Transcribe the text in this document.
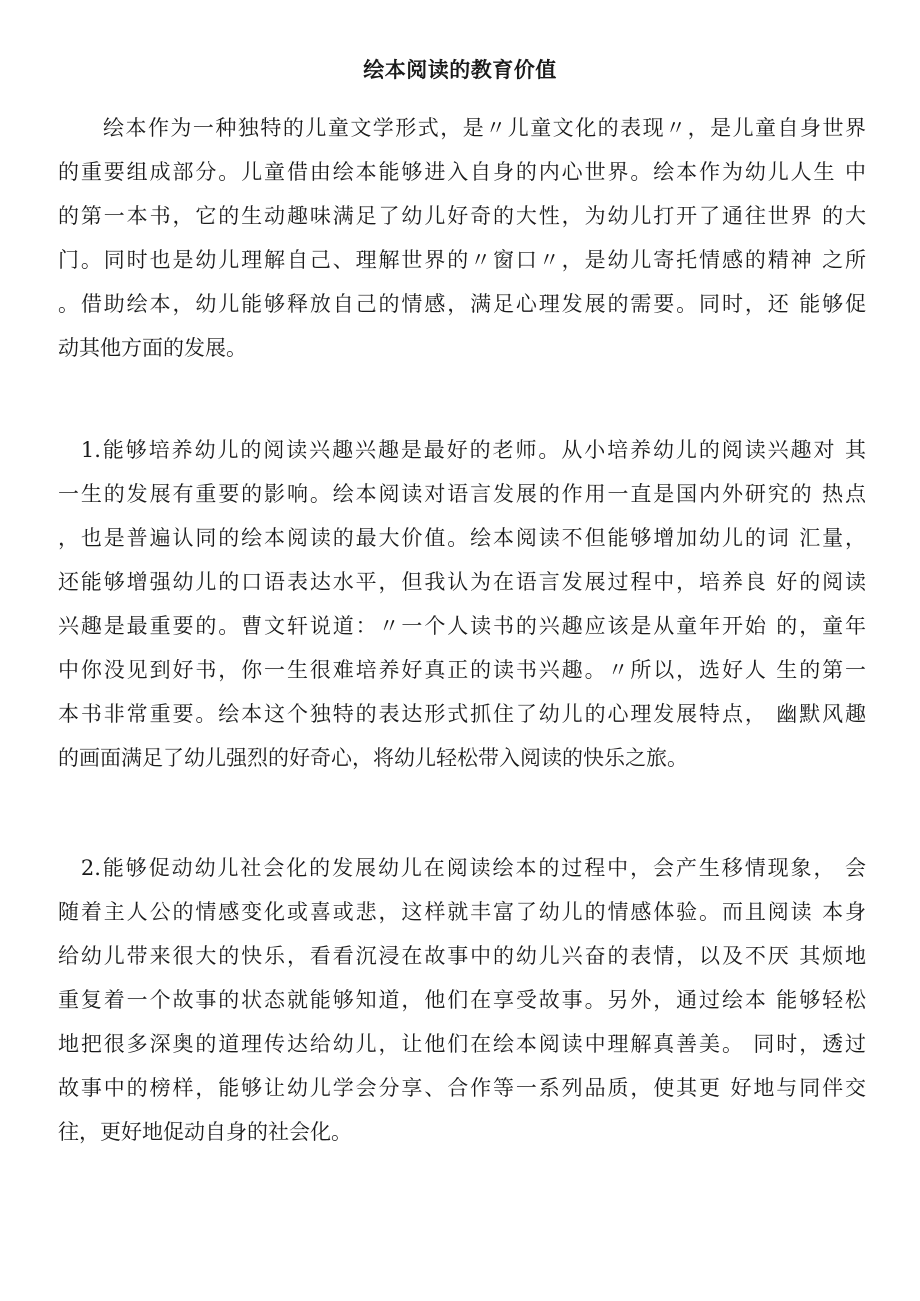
绘本阅读的教育价值
　　绘本作为一种独特的儿童文学形式，是〃儿童文化的表现〃，是儿童自身世界
的重要组成部分。儿童借由绘本能够进入自身的内心世界。绘本作为幼儿人生 中
的第一本书，它的生动趣味满足了幼儿好奇的大性，为幼儿打开了通往世界 的大
门。同时也是幼儿理解自己、理解世界的〃窗口〃，是幼儿寄托情感的精神 之所
。借助绘本，幼儿能够释放自己的情感，满足心理发展的需要。同时，还 能够促
动其他方面的发展。
　1.能够培养幼儿的阅读兴趣兴趣是最好的老师。从小培养幼儿的阅读兴趣对 其
一生的发展有重要的影响。绘本阅读对语言发展的作用一直是国内外研究的 热点
，也是普遍认同的绘本阅读的最大价值。绘本阅读不但能够增加幼儿的词 汇量，
还能够增强幼儿的口语表达水平，但我认为在语言发展过程中，培养良 好的阅读
兴趣是最重要的。曹文轩说道：〃一个人读书的兴趣应该是从童年开始 的，童年
中你没见到好书，你一生很难培养好真正的读书兴趣。〃所以，选好人 生的第一
本书非常重要。绘本这个独特的表达形式抓住了幼儿的心理发展特点， 幽默风趣
的画面满足了幼儿强烈的好奇心，将幼儿轻松带入阅读的快乐之旅。
　2.能够促动幼儿社会化的发展幼儿在阅读绘本的过程中，会产生移情现象， 会
随着主人公的情感变化或喜或悲，这样就丰富了幼儿的情感体验。而且阅读 本身
给幼儿带来很大的快乐，看看沉浸在故事中的幼儿兴奋的表情，以及不厌 其烦地
重复着一个故事的状态就能够知道，他们在享受故事。另外，通过绘本 能够轻松
地把很多深奥的道理传达给幼儿，让他们在绘本阅读中理解真善美。 同时，透过
故事中的榜样，能够让幼儿学会分享、合作等一系列品质，使其更 好地与同伴交
往，更好地促动自身的社会化。
